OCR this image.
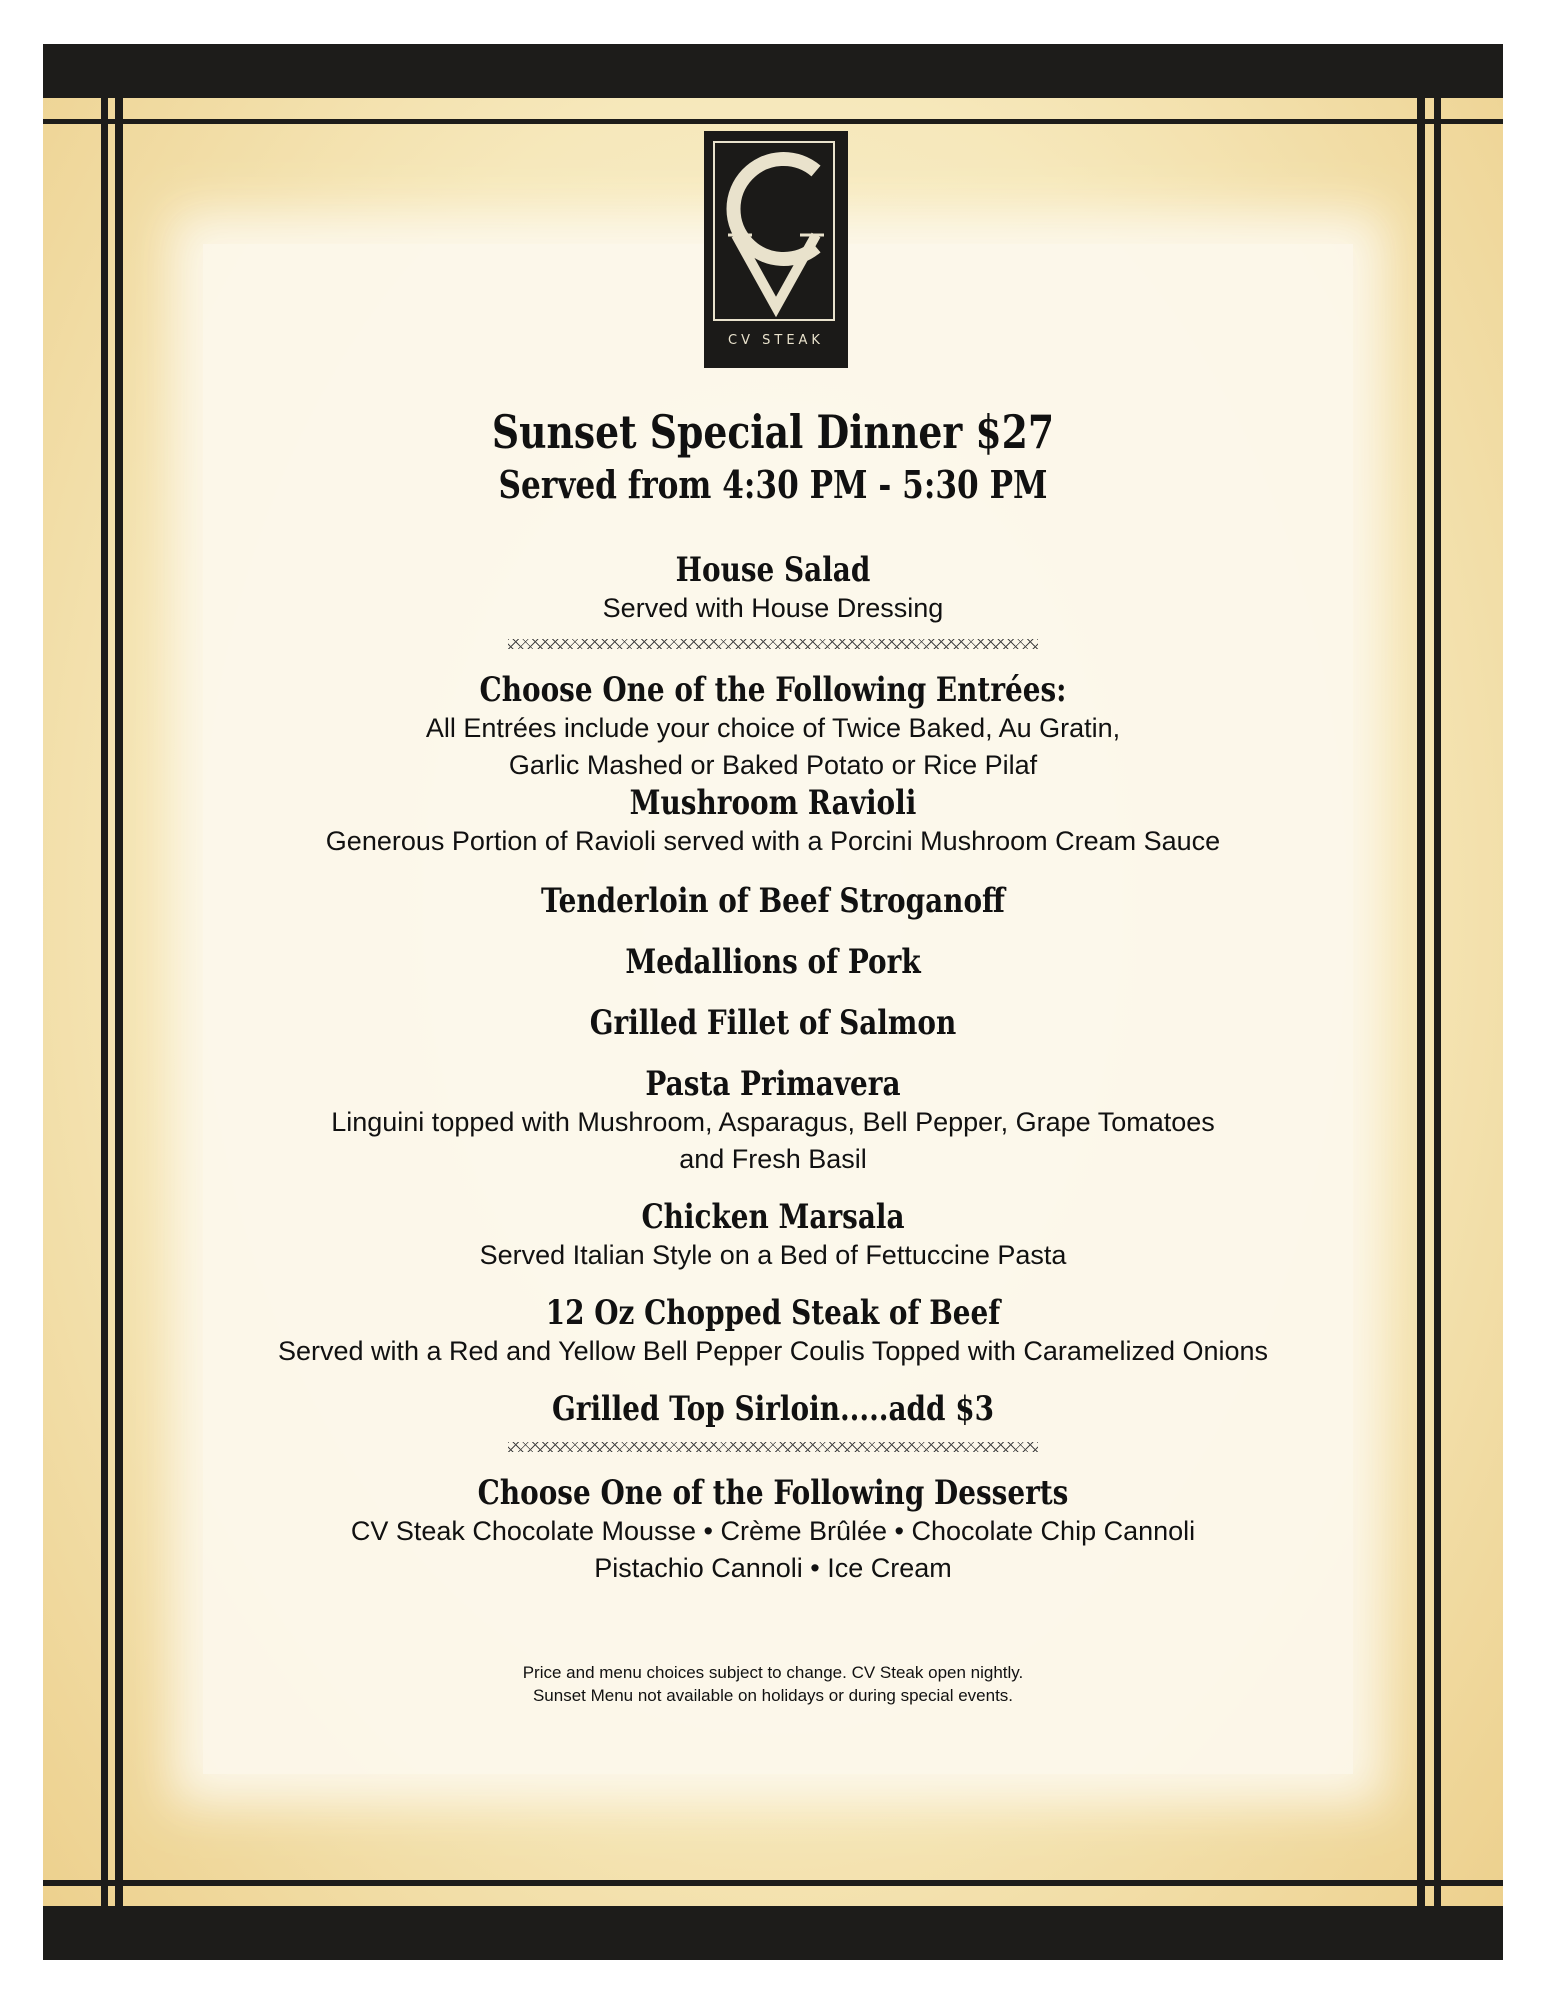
CV STEAK
Sunset Special Dinner $27
Served from 4:30 PM - 5:30 PM
House Salad

Served with House Dressing

Choose One of the Following Entrées:

All Entrées include your choice of Twice Baked, Au Gratin,

Garlic Mashed or Baked Potato or Rice Pilaf

Mushroom Ravioli

Generous Portion of Ravioli served with a Porcini Mushroom Cream Sauce

Tenderloin of Beef Stroganoff
Medallions of Pork
Grilled Fillet of Salmon
Pasta Primavera

Linguini topped with Mushroom, Asparagus, Bell Pepper, Grape Tomatoes

and Fresh Basil

Chicken Marsala

Served Italian Style on a Bed of Fettuccine Pasta

12 Oz Chopped Steak of Beef

Served with a Red and Yellow Bell Pepper Coulis Topped with Caramelized Onions

Grilled Top Sirloin.....add $3
Choose One of the Following Desserts

CV Steak Chocolate Mousse • Crème Brûlée • Chocolate Chip Cannoli

Pistachio Cannoli • Ice Cream

Price and menu choices subject to change. CV Steak open nightly.

Sunset Menu not available on holidays or during special events.
